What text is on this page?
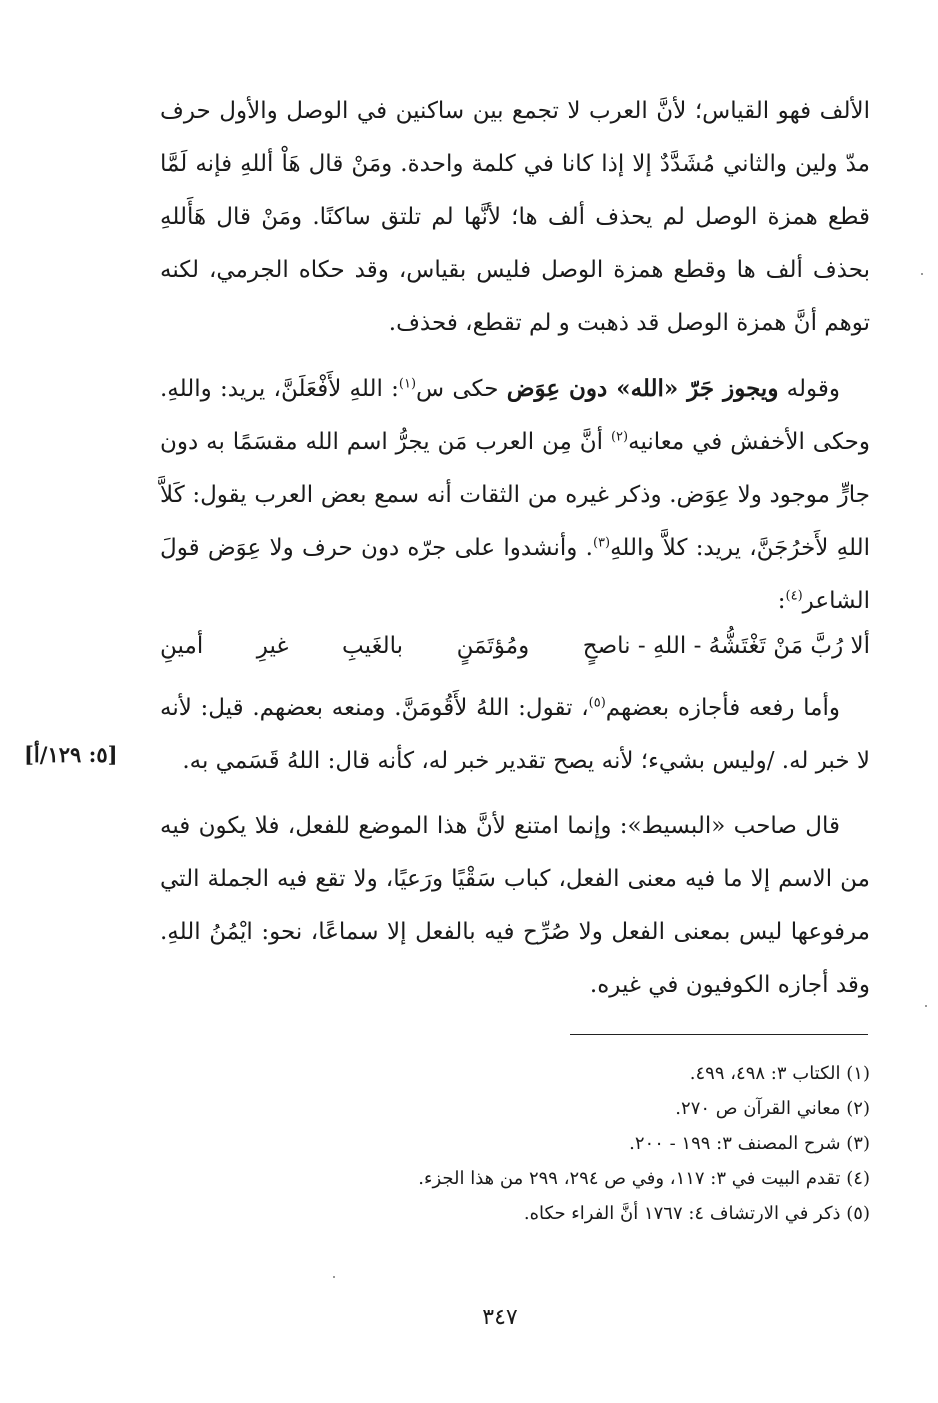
الألف فهو القياس؛ لأنَّ العرب لا تجمع بين ساكنين في الوصل والأول حرف مدّ ولين والثاني مُشَدَّدٌ إلا إذا كانا في كلمة واحدة. ومَنْ قال هَاْ أللهِ فإنه لَمَّا قطع همزة الوصل لم يحذف ألف ها؛ لأنَّها لم تلتق ساكنًا. ومَنْ قال هَأَللهِ بحذف ألف ها وقطع همزة الوصل فليس بقياس، وقد حكاه الجرمي، لكنه توهم أنَّ همزة الوصل قد ذهبت و لم تقطع، فحذف.

وقوله ويجوز جَرّ «الله» دون عِوَض حكى س$^{(١)}$: اللهِ لأَفْعَلَنَّ، يريد: واللهِ. وحكى الأخفش في معانيه$^{(٢)}$ أنَّ مِن العرب مَن يجرُّ اسم الله مقسَمًا به دون جارٍّ موجود ولا عِوَض. وذكر غيره من الثقات أنه سمع بعض العرب يقول: كَلاَّ اللهِ لأَخرُجَنَّ، يريد: كلاَّ واللهِ$^{(٣)}$. وأنشدوا على جرّه دون حرف ولا عِوَض قولَ الشاعر$^{(٤)}$:

ألا رُبَّ مَنْ تَغْتَشُّهُ - اللهِ - ناصحٍ
ومُؤتَمَنٍ
بالغَيبِ
غيرِ
أمينِ

وأما رفعه فأجازه بعضهم$^{(٥)}$، تقول: اللهُ لأَقُومَنَّ. ومنعه بعضهم. قيل: لأنه لا خبر له. /وليس بشيء؛ لأنه يصح تقدير خبر له، كأنه قال: اللهُ قَسَمي به.

قال صاحب «البسيط»: وإنما امتنع لأنَّ هذا الموضع للفعل، فلا يكون فيه من الاسم إلا ما فيه معنى الفعل، كباب سَقْيًا ورَعيًا، ولا تقع فيه الجملة التي مرفوعها ليس بمعنى الفعل ولا صُرِّح فيه بالفعل إلا سماعًا، نحو: ايْمُنُ اللهِ. وقد أجازه الكوفيون في غيره.

[٥: ١٢٩/أ]
(١) الكتاب ٣: ٤٩٨، ٤٩٩.
(٢) معاني القرآن ص ٢٧٠.
(٣) شرح المصنف ٣: ١٩٩ - ٢٠٠.
(٤) تقدم البيت في ٣: ١١٧، وفي ص ٢٩٤، ٢٩٩ من هذا الجزء.
(٥) ذكر في الارتشاف ٤: ١٧٦٧ أنَّ الفراء حكاه.
٣٤٧
